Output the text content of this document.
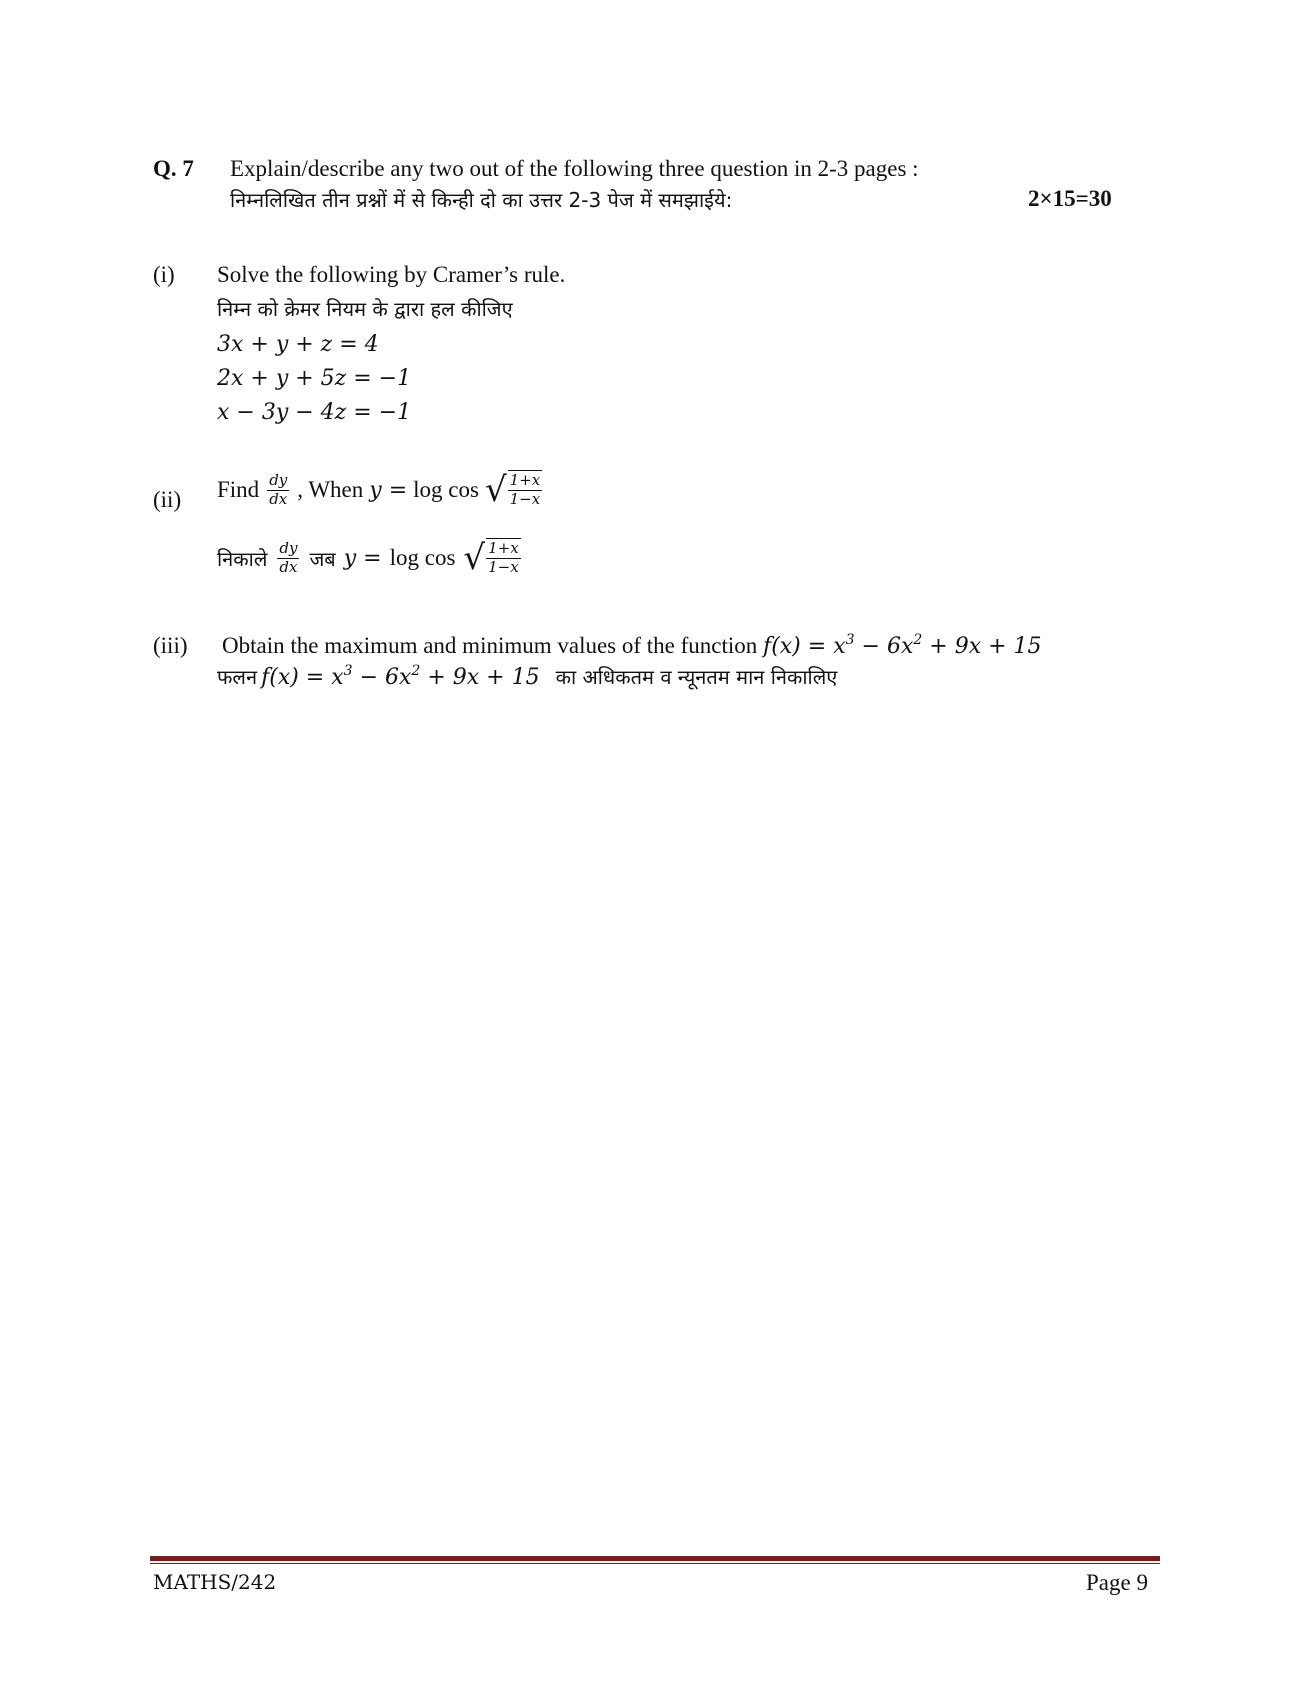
Q. 7 Explain/describe any two out of the following three question in 2-3 pages :
निम्नलिखित तीन प्रश्नों में से किन्ही दो का उत्तर 2-3 पेज में समझाईये:	2×15=30
(i) Solve the following by Cramer’s rule.
निम्न को क्रेमर नियम के द्वारा हल कीजिए
3x + y + z = 4
2x + y + 5z = −1
x − 3y − 4z = −1
(ii) Find $\frac{dy}{dx}$ , When y = log cos √ $\frac{1+x}{1-x}$
निकाले $\frac{dy}{dx}$ जब y = log cos √ $\frac{1+x}{1-x}$
(iii) Obtain the maximum and minimum values of the function $f(x) = x^3 - 6x^2 + 9x + 15$
फलन $f(x) = x^3 - 6x^2 + 9x + 15$ का अधिकतम व न्यूनतम मान निकालिए
MATHS/242	Page 9
